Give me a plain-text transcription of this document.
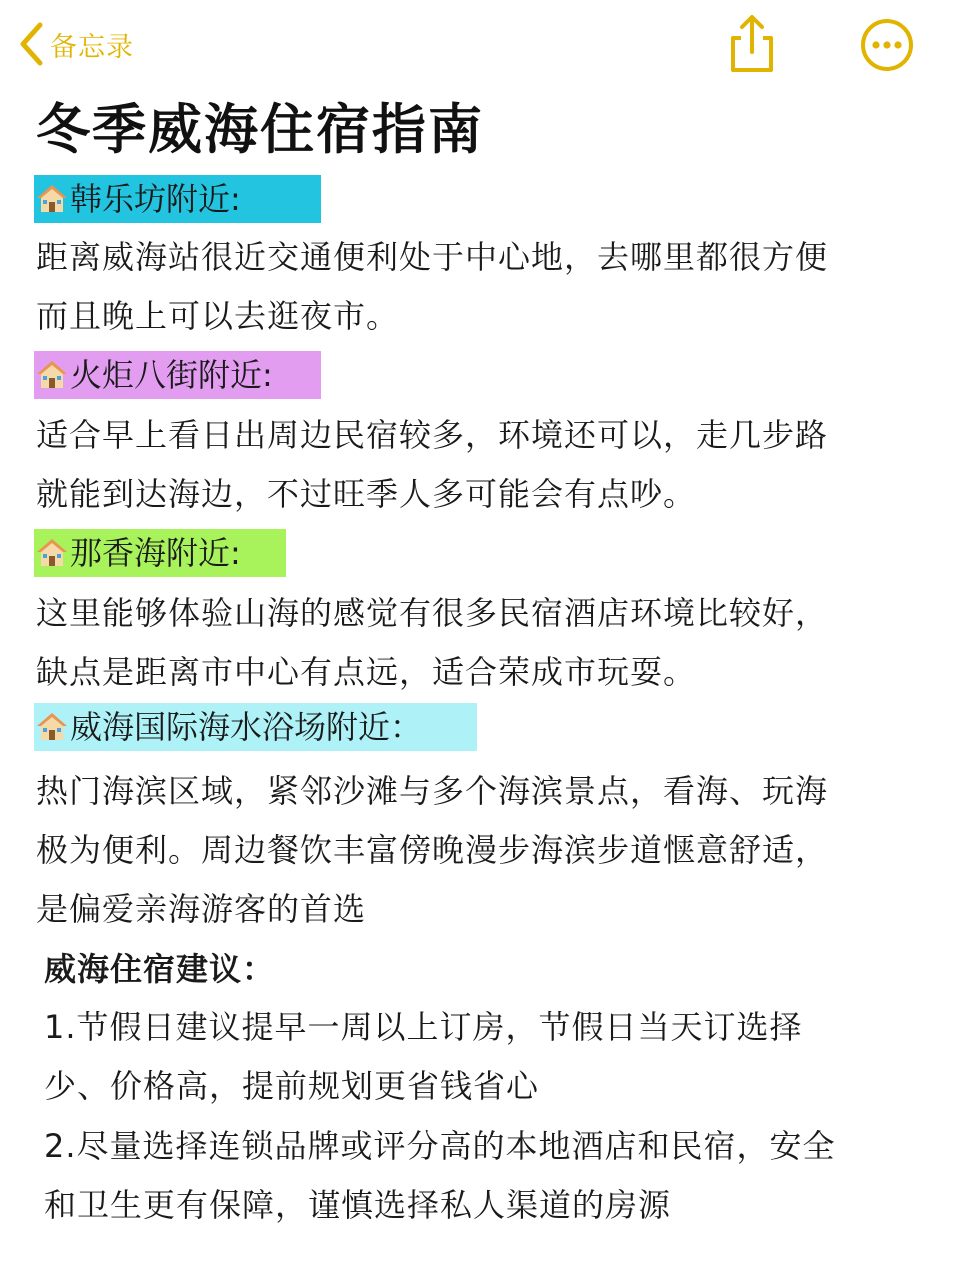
备忘录
冬季威海住宿指南
韩乐坊附近:
距离威海站很近交通便利处于中心地，去哪里都很方便
而且晚上可以去逛夜市。
火炬八街附近:
适合早上看日出周边民宿较多，环境还可以，走几步路
就能到达海边，不过旺季人多可能会有点吵。
那香海附近:
这里能够体验山海的感觉有很多民宿酒店环境比较好，
缺点是距离市中心有点远，适合荣成市玩耍。
威海国际海水浴场附近：
热门海滨区域，紧邻沙滩与多个海滨景点，看海、玩海
极为便利。周边餐饮丰富傍晚漫步海滨步道惬意舒适，
是偏爱亲海游客的首选
威海住宿建议：
1.节假日建议提早一周以上订房，节假日当天订选择
少、价格高，提前规划更省钱省心
2.尽量选择连锁品牌或评分高的本地酒店和民宿，安全
和卫生更有保障，谨慎选择私人渠道的房源
